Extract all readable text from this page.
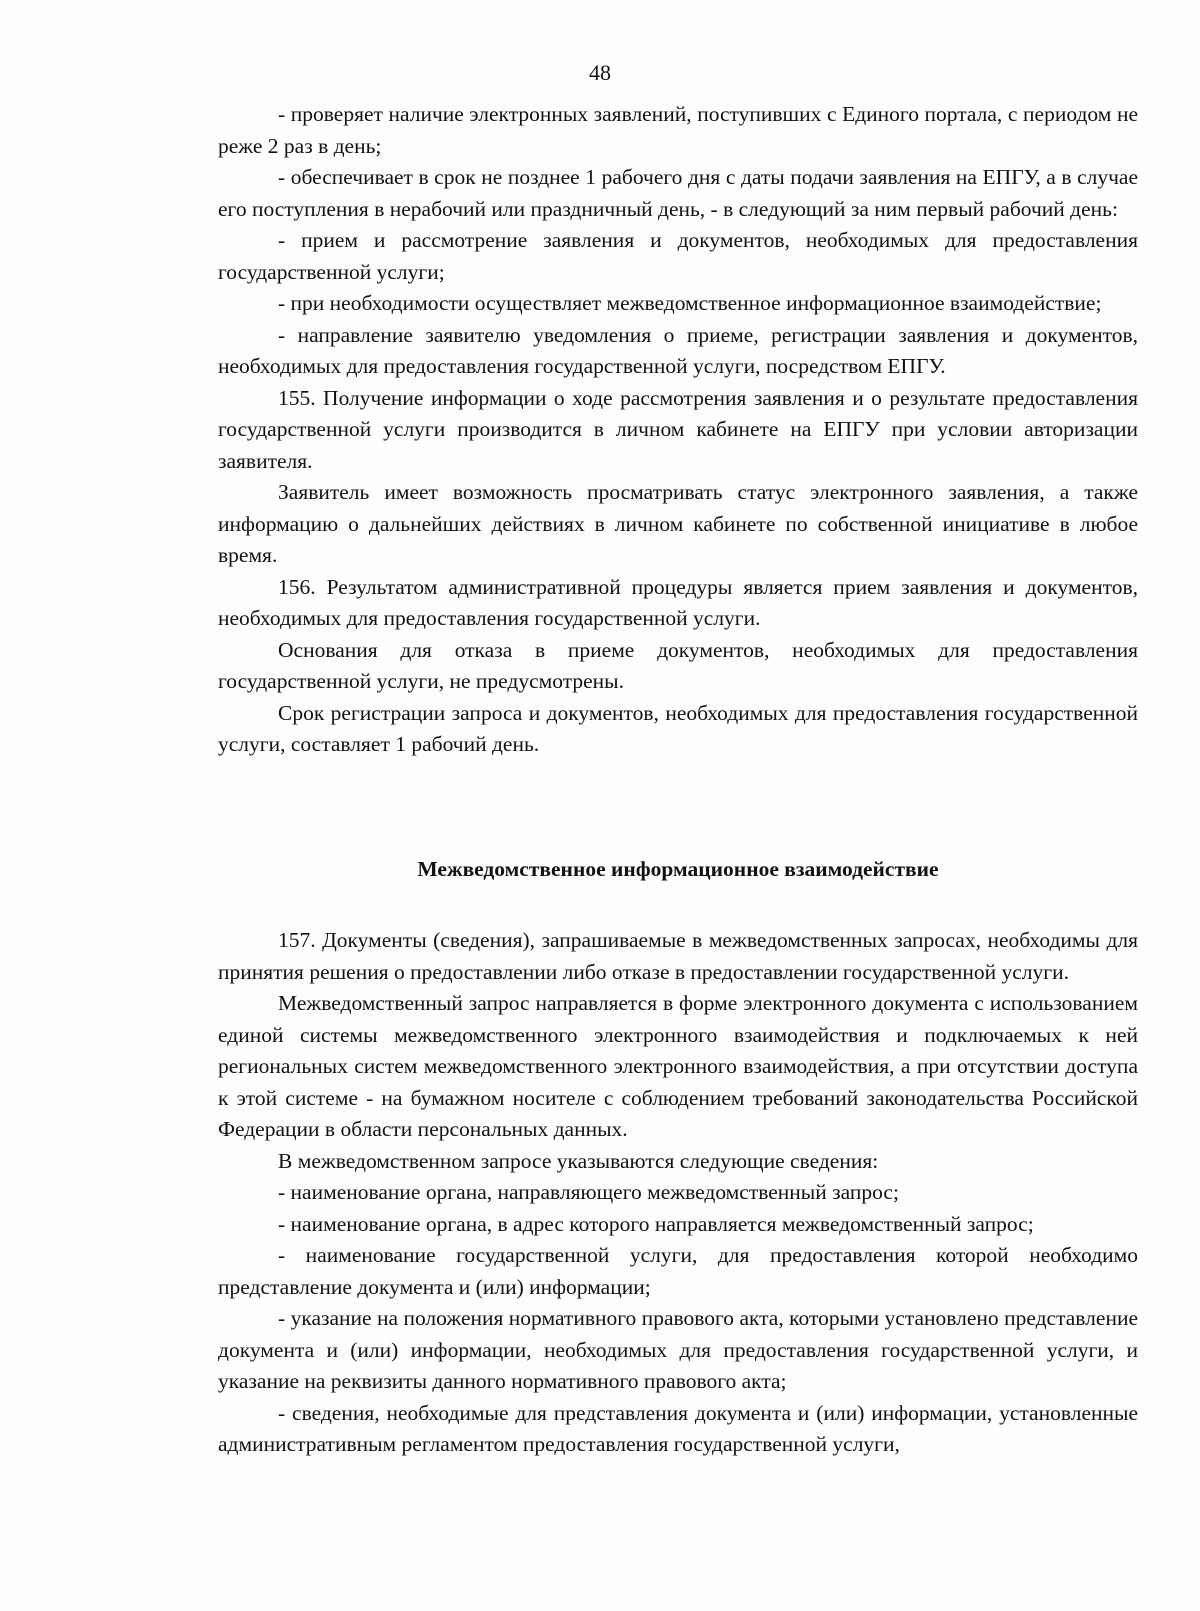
48

- проверяет наличие электронных заявлений, поступивших с Единого портала, с периодом не реже 2 раз в день;

- обеспечивает в срок не позднее 1 рабочего дня с даты подачи заявления на ЕПГУ, а в случае его поступления в нерабочий или праздничный день, - в следующий за ним первый рабочий день:

- прием и рассмотрение заявления и документов, необходимых для предоставления государственной услуги;

- при необходимости осуществляет межведомственное информационное взаимодействие;

- направление заявителю уведомления о приеме, регистрации заявления и документов, необходимых для предоставления государственной услуги, посредством ЕПГУ.

155. Получение информации о ходе рассмотрения заявления и о результате предоставления государственной услуги производится в личном кабинете на ЕПГУ при условии авторизации заявителя.

Заявитель имеет возможность просматривать статус электронного заявления, а также информацию о дальнейших действиях в личном кабинете по собственной инициативе в любое время.

156. Результатом административной процедуры является прием заявления и документов, необходимых для предоставления государственной услуги.

Основания для отказа в приеме документов, необходимых для предоставления государственной услуги, не предусмотрены.

Срок регистрации запроса и документов, необходимых для предоставления государственной услуги, составляет 1 рабочий день.

Межведомственное информационное взаимодействие

157. Документы (сведения), запрашиваемые в межведомственных запросах, необходимы для принятия решения о предоставлении либо отказе в предоставлении государственной услуги.

Межведомственный запрос направляется в форме электронного документа с использованием единой системы межведомственного электронного взаимодействия и подключаемых к ней региональных систем межведомственного электронного взаимодействия, а при отсутствии доступа к этой системе - на бумажном носителе с соблюдением требований законодательства Российской Федерации в области персональных данных.

В межведомственном запросе указываются следующие сведения:

- наименование органа, направляющего межведомственный запрос;

- наименование органа, в адрес которого направляется межведомственный запрос;

- наименование государственной услуги, для предоставления которой необходимо представление документа и (или) информации;

- указание на положения нормативного правового акта, которыми установлено представление документа и (или) информации, необходимых для предоставления государственной услуги, и указание на реквизиты данного нормативного правового акта;

- сведения, необходимые для представления документа и (или) информации, установленные административным регламентом предоставления государственной услуги,
